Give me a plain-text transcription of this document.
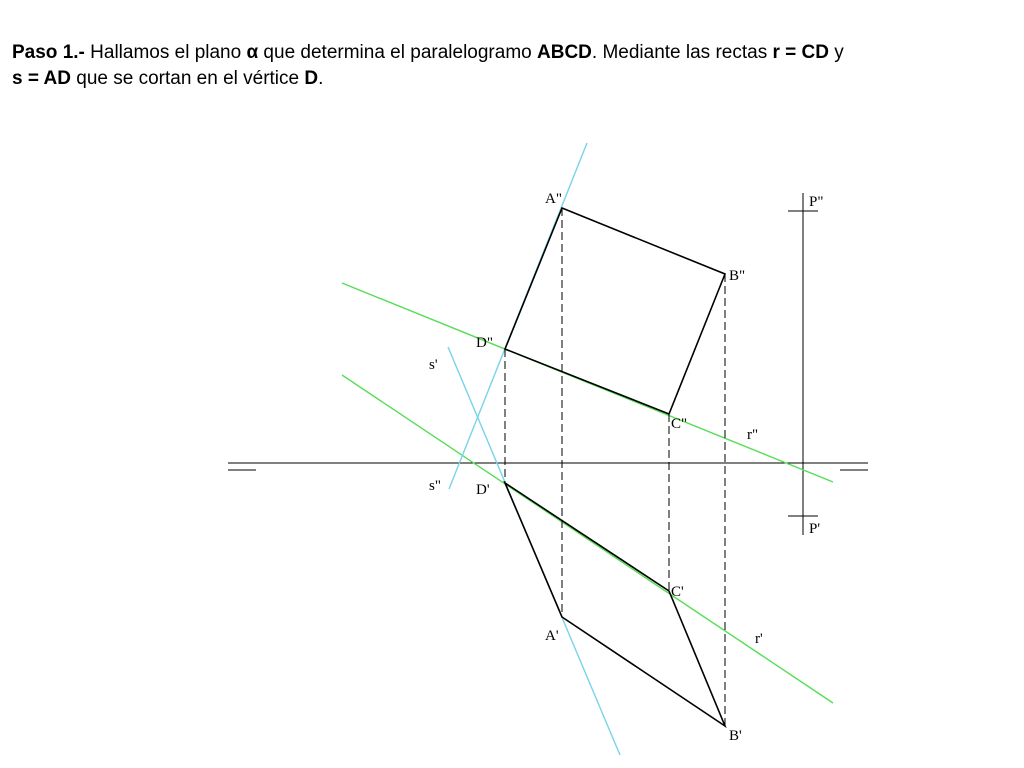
Paso 1.- Hallamos el plano α que determina el paralelogramo ABCD. Mediante las rectas r = CD y
s = AD que se cortan en el vértice D.

A"
B"
C"
D"
A'
B'
C'
D'
P"
P'
r"
r'
s'
s"
